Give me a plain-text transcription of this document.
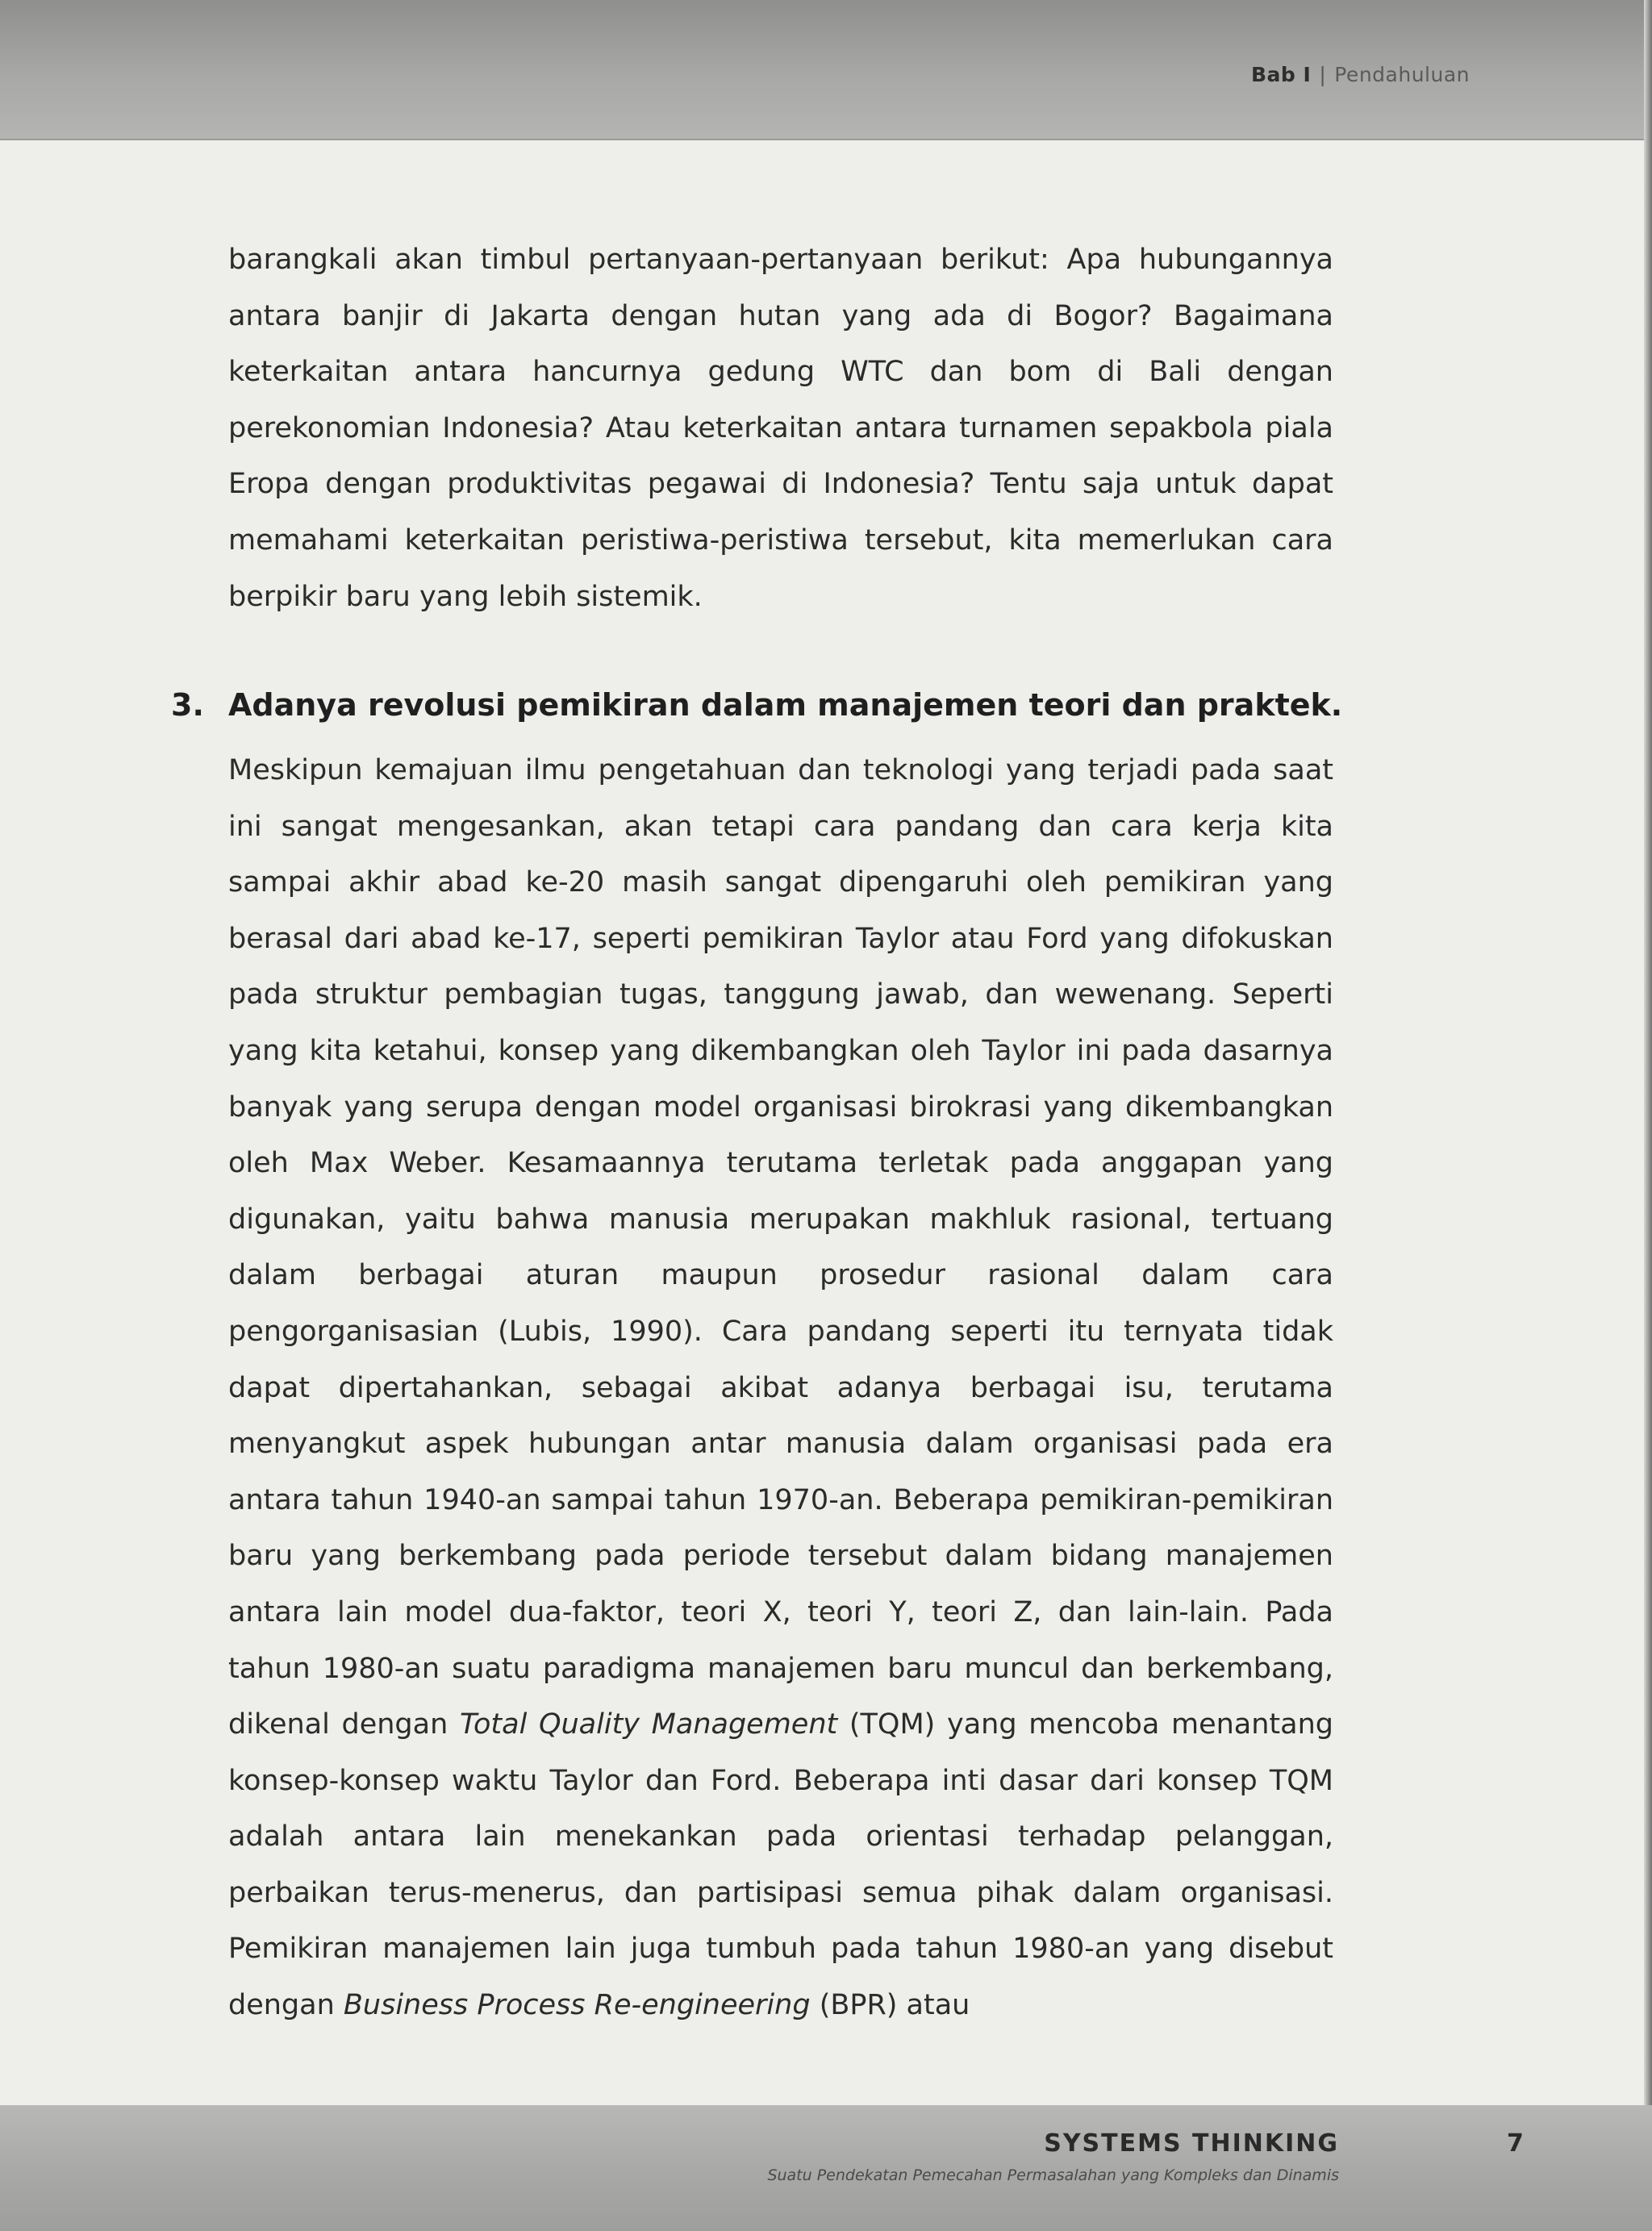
Bab I | Pendahuluan

barangkali akan timbul pertanyaan-pertanyaan berikut: Apa hubungannya antara banjir di Jakarta dengan hutan yang ada di Bogor? Bagaimana keterkaitan antara hancurnya gedung WTC dan bom di Bali dengan perekonomian Indonesia? Atau keterkaitan antara turnamen sepakbola piala Eropa dengan produktivitas pegawai di Indonesia? Tentu saja untuk dapat memahami keterkaitan peristiwa-peristiwa tersebut, kita memerlukan cara berpikir baru yang lebih sistemik.

3. Adanya revolusi pemikiran dalam manajemen teori dan praktek.

Meskipun kemajuan ilmu pengetahuan dan teknologi yang terjadi pada saat ini sangat mengesankan, akan tetapi cara pandang dan cara kerja kita sampai akhir abad ke-20 masih sangat dipengaruhi oleh pemikiran yang berasal dari abad ke-17, seperti pemikiran Taylor atau Ford yang difokuskan pada struktur pembagian tugas, tanggung jawab, dan wewenang. Seperti yang kita ketahui, konsep yang dikembangkan oleh Taylor ini pada dasarnya banyak yang serupa dengan model organisasi birokrasi yang dikembangkan oleh Max Weber. Kesamaannya terutama terletak pada anggapan yang digunakan, yaitu bahwa manusia merupakan makhluk rasional, tertuang dalam berbagai aturan maupun prosedur rasional dalam cara pengorganisasian (Lubis, 1990). Cara pandang seperti itu ternyata tidak dapat dipertahankan, sebagai akibat adanya berbagai isu, terutama menyangkut aspek hubungan antar manusia dalam organisasi pada era antara tahun 1940-an sampai tahun 1970-an. Beberapa pemikiran-pemikiran baru yang berkembang pada periode tersebut dalam bidang manajemen antara lain model dua-faktor, teori X, teori Y, teori Z, dan lain-lain. Pada tahun 1980-an suatu paradigma manajemen baru muncul dan berkembang, dikenal dengan Total Quality Management (TQM) yang mencoba menantang konsep-konsep waktu Taylor dan Ford. Beberapa inti dasar dari konsep TQM adalah antara lain menekankan pada orientasi terhadap pelanggan, perbaikan terus-menerus, dan partisipasi semua pihak dalam organisasi. Pemikiran manajemen lain juga tumbuh pada tahun 1980-an yang disebut dengan Business Process Re-engineering (BPR) atau

SYSTEMS THINKING
Suatu Pendekatan Pemecahan Permasalahan yang Kompleks dan Dinamis
7
